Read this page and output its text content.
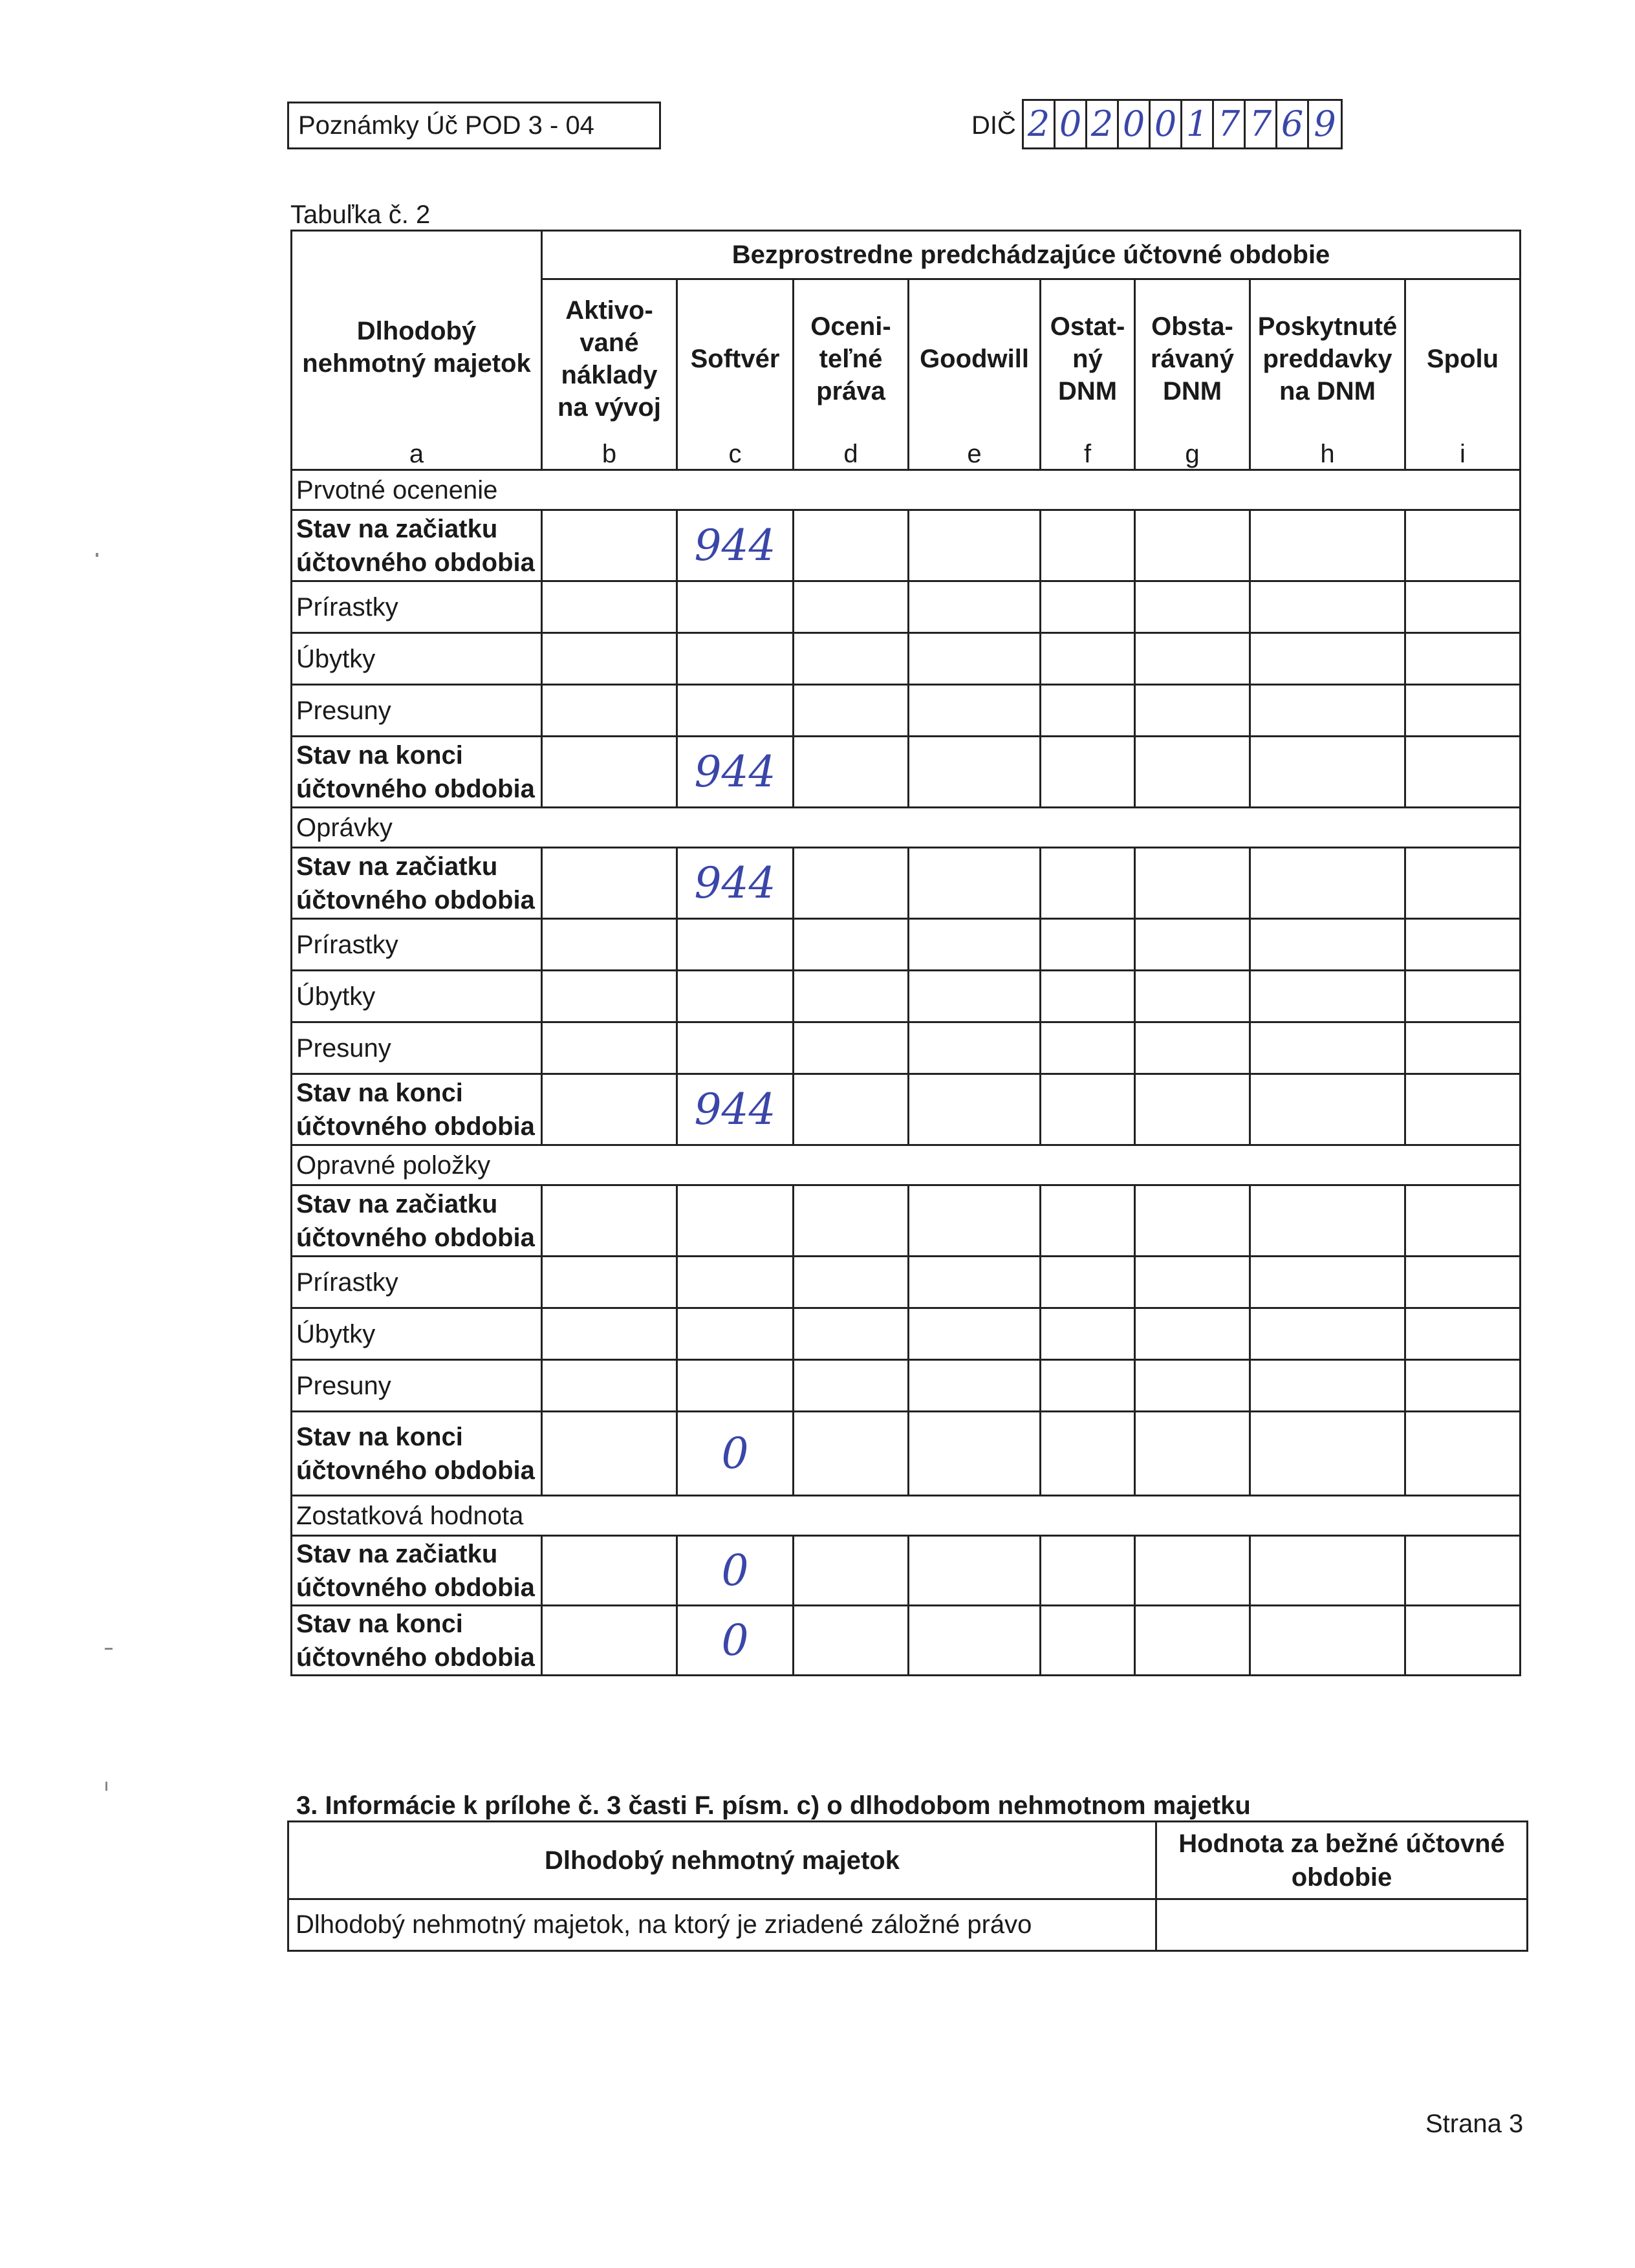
Poznámky Úč POD 3 - 04	DIČ 2 0 2 0 0 1 7 7 6 9
Tabuľka č. 2
Dlhodobý nehmotný majetok	Bezprostredne predchádzajúce účtovné obdobie							
	Aktivo-vané náklady na vývoj	Softvér	Oceni-teľné práva	Goodwill	Ostat-ný DNM	Obsta-rávaný DNM	Poskytnuté preddavky na DNM	Spolu
a	b	c	d	e	f	g	h	i
Prvotné ocenenie								
Stav na začiatku účtovného obdobia		944						
Prírastky								
Úbytky								
Presuny								
Stav na konci účtovného obdobia		944						
Oprávky								
Stav na začiatku účtovného obdobia		944						
Prírastky								
Úbytky								
Presuny								
Stav na konci účtovného obdobia		944						
Opravné položky								
Stav na začiatku účtovného obdobia								
Prírastky								
Úbytky								
Presuny								
Stav na konci účtovného obdobia		0						
Zostatková hodnota								
Stav na začiatku účtovného obdobia		0						
Stav na konci účtovného obdobia		0						
3. Informácie k prílohe č. 3 časti F. písm. c) o dlhodobom nehmotnom majetku
Dlhodobý nehmotný majetok	Hodnota za bežné účtovné obdobie
Dlhodobý nehmotný majetok, na ktorý je zriadené záložné právo	
Strana 3
